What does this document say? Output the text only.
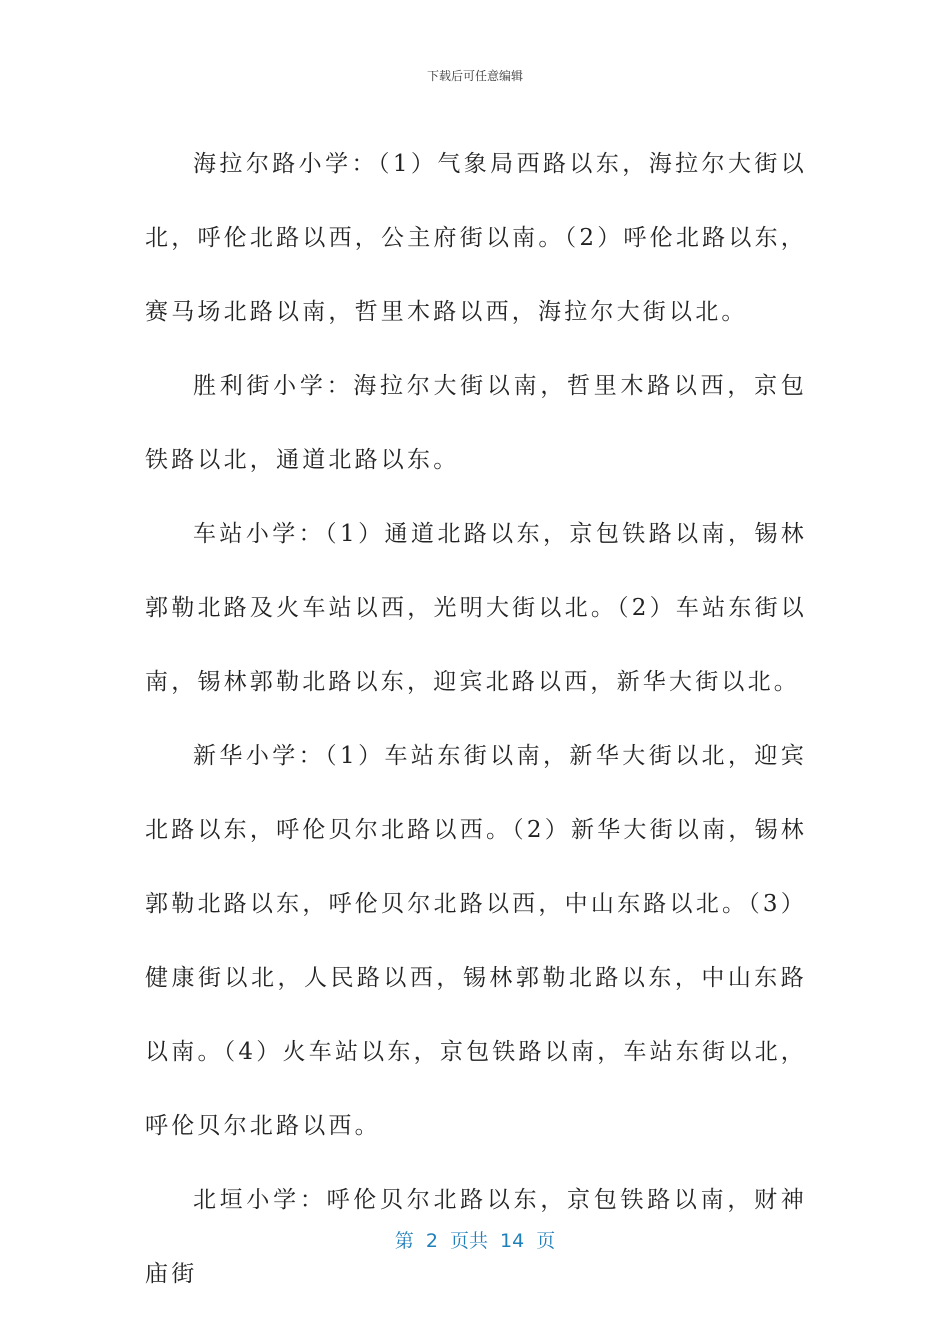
下载后可任意编辑

海拉尔路小学：（1）气象局西路以东，海拉尔大街以北，呼伦北路以西，公主府街以南。（2）呼伦北路以东，赛马场北路以南，哲里木路以西，海拉尔大街以北。

胜利街小学：海拉尔大街以南，哲里木路以西，京包铁路以北，通道北路以东。

车站小学：（1）通道北路以东，京包铁路以南，锡林郭勒北路及火车站以西，光明大街以北。（2）车站东街以南，锡林郭勒北路以东，迎宾北路以西，新华大街以北。

新华小学：（1）车站东街以南，新华大街以北，迎宾北路以东，呼伦贝尔北路以西。（2）新华大街以南，锡林郭勒北路以东，呼伦贝尔北路以西，中山东路以北。（3）健康街以北，人民路以西，锡林郭勒北路以东，中山东路以南。（4）火车站以东，京包铁路以南，车站东街以北，呼伦贝尔北路以西。

北垣小学：呼伦贝尔北路以东，京包铁路以南，财神庙街

第 2 页共 14 页
